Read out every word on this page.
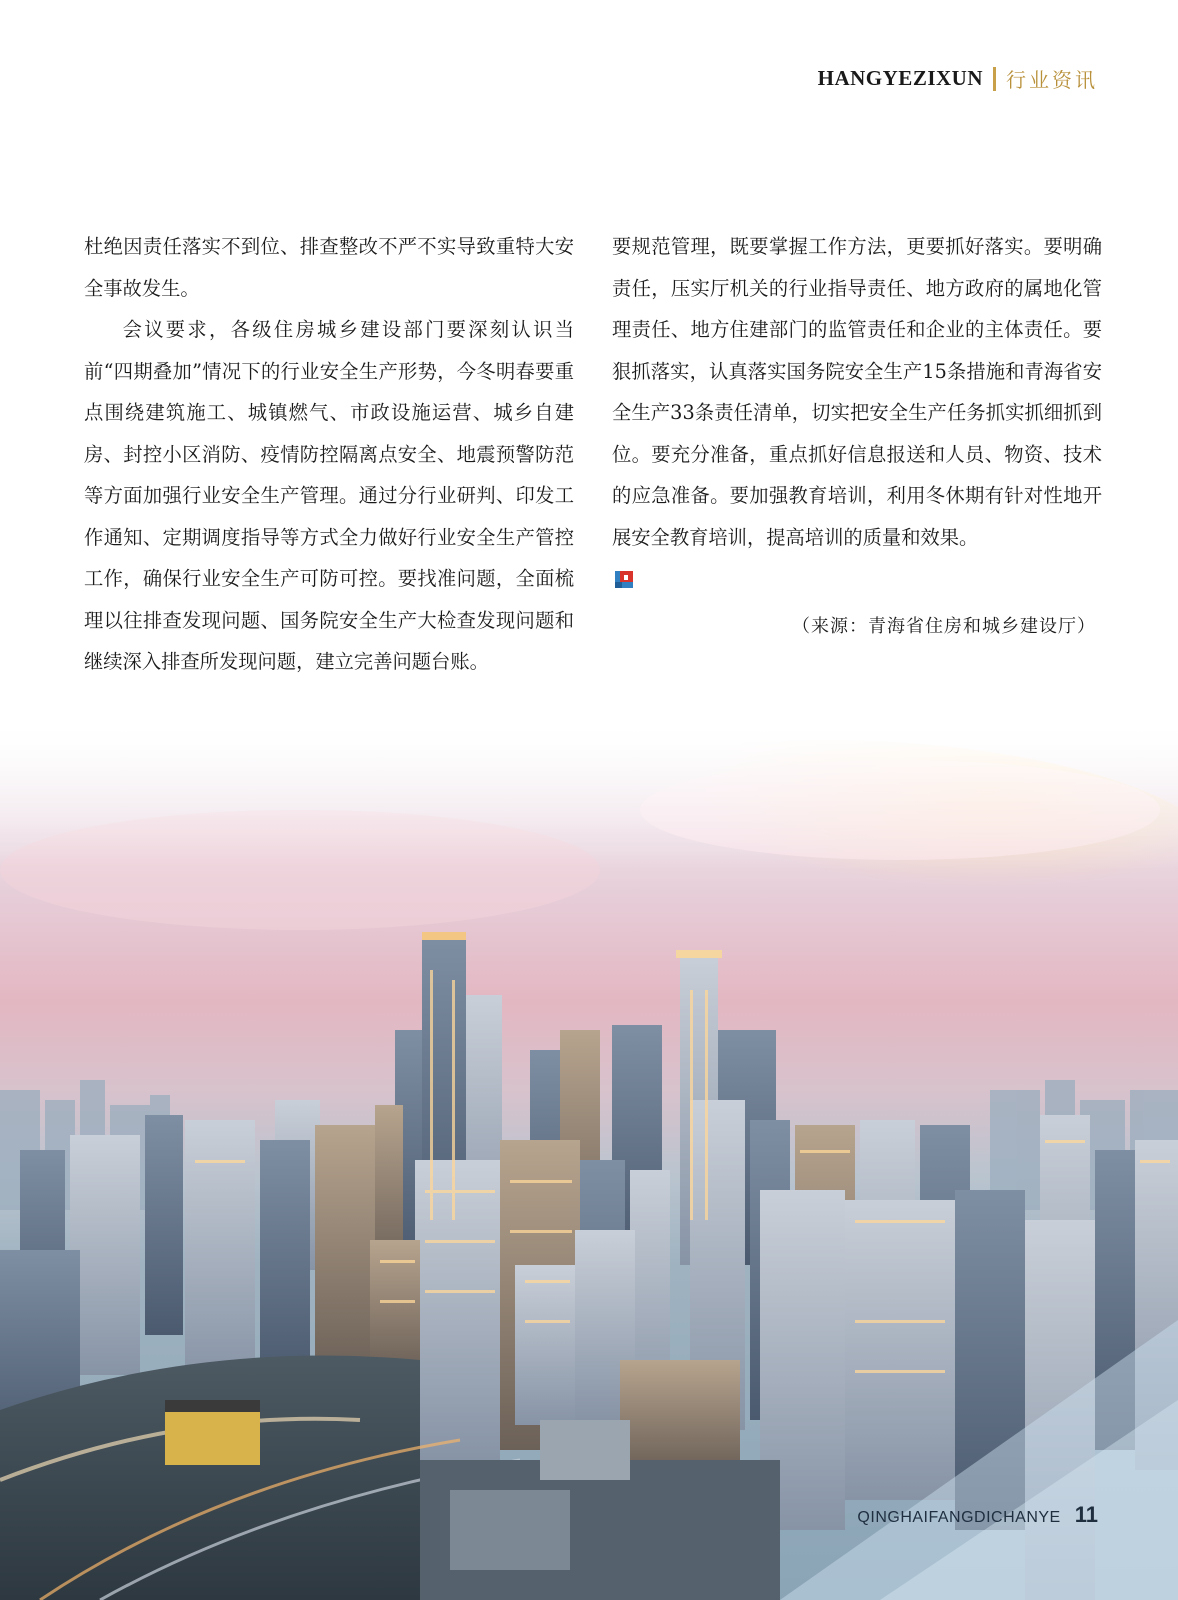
HANGYEZIXUN 行业资讯

杜绝因责任落实不到位、排查整改不严不实导致重特大安全事故发生。

会议要求，各级住房城乡建设部门要深刻认识当前“四期叠加”情况下的行业安全生产形势，今冬明春要重点围绕建筑施工、城镇燃气、市政设施运营、城乡自建房、封控小区消防、疫情防控隔离点安全、地震预警防范等方面加强行业安全生产管理。通过分行业研判、印发工作通知、定期调度指导等方式全力做好行业安全生产管控工作，确保行业安全生产可防可控。要找准问题，全面梳理以往排查发现问题、国务院安全生产大检查发现问题和继续深入排查所发现问题，建立完善问题台账。

要规范管理，既要掌握工作方法，更要抓好落实。要明确责任，压实厅机关的行业指导责任、地方政府的属地化管理责任、地方住建部门的监管责任和企业的主体责任。要狠抓落实，认真落实国务院安全生产15条措施和青海省安全生产33条责任清单，切实把安全生产任务抓实抓细抓到位。要充分准备，重点抓好信息报送和人员、物资、技术的应急准备。要加强教育培训，利用冬休期有针对性地开展安全教育培训，提高培训的质量和效果。

（来源：青海省住房和城乡建设厅）

QINGHAIFANGDICHANYE 11
